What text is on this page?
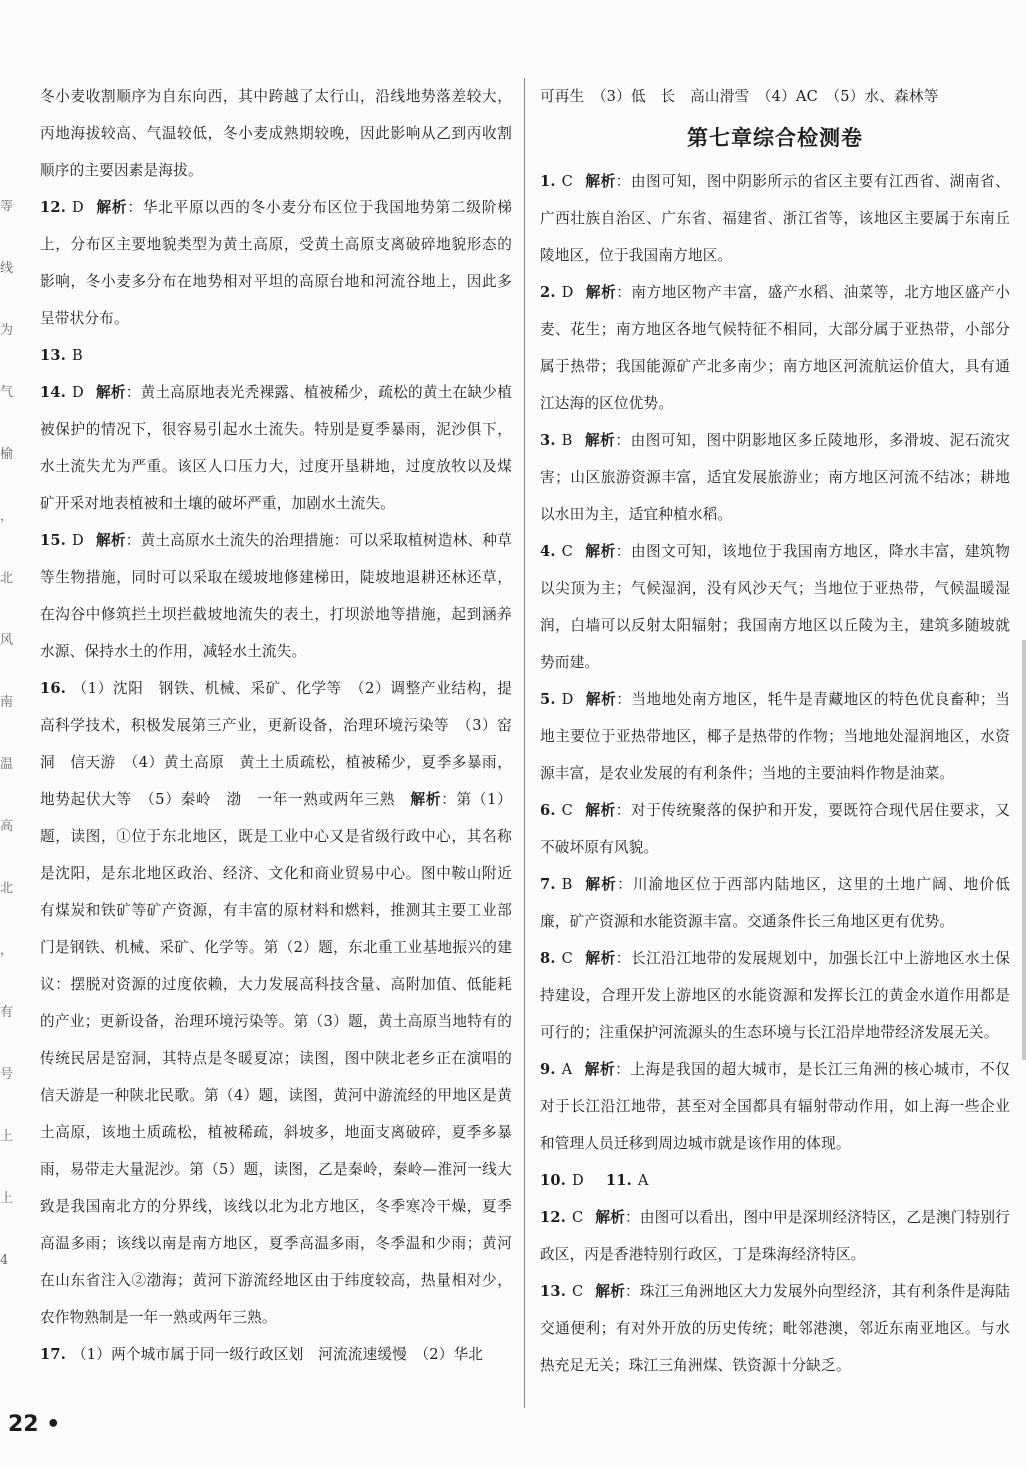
等
线
为
气
榆
，
北
风
南
温
高
北
，
有
号
上
上
4

冬小麦收割顺序为自东向西，其中跨越了太行山，沿线地势落差较大，丙地海拔较高、气温较低，冬小麦成熟期较晚，因此影响从乙到丙收割顺序的主要因素是海拔。

12. D 解析：华北平原以西的冬小麦分布区位于我国地势第二级阶梯上，分布区主要地貌类型为黄土高原，受黄土高原支离破碎地貌形态的影响，冬小麦多分布在地势相对平坦的高原台地和河流谷地上，因此多呈带状分布。

13. B

14. D 解析：黄土高原地表光秃裸露、植被稀少，疏松的黄土在缺少植被保护的情况下，很容易引起水土流失。特别是夏季暴雨，泥沙俱下，水土流失尤为严重。该区人口压力大，过度开垦耕地，过度放牧以及煤矿开采对地表植被和土壤的破坏严重，加剧水土流失。

15. D 解析：黄土高原水土流失的治理措施：可以采取植树造林、种草等生物措施，同时可以采取在缓坡地修建梯田，陡坡地退耕还林还草，在沟谷中修筑拦土坝拦截坡地流失的表土，打坝淤地等措施，起到涵养水源、保持水土的作用，减轻水土流失。

16. （1）沈阳　钢铁、机械、采矿、化学等　（2）调整产业结构，提高科学技术，积极发展第三产业，更新设备，治理环境污染等　（3）窑洞　信天游　（4）黄土高原　黄土土质疏松，植被稀少，夏季多暴雨，地势起伏大等　（5）秦岭　渤　一年一熟或两年三熟　解析：第（1）题，读图，①位于东北地区，既是工业中心又是省级行政中心，其名称是沈阳，是东北地区政治、经济、文化和商业贸易中心。图中鞍山附近有煤炭和铁矿等矿产资源，有丰富的原材料和燃料，推测其主要工业部门是钢铁、机械、采矿、化学等。第（2）题，东北重工业基地振兴的建议：摆脱对资源的过度依赖，大力发展高科技含量、高附加值、低能耗的产业；更新设备，治理环境污染等。第（3）题，黄土高原当地特有的传统民居是窑洞，其特点是冬暖夏凉；读图，图中陕北老乡正在演唱的信天游是一种陕北民歌。第（4）题，读图，黄河中游流经的甲地区是黄土高原，该地土质疏松，植被稀疏，斜坡多，地面支离破碎，夏季多暴雨，易带走大量泥沙。第（5）题，读图，乙是秦岭，秦岭—淮河一线大致是我国南北方的分界线，该线以北为北方地区，冬季寒冷干燥，夏季高温多雨；该线以南是南方地区，夏季高温多雨，冬季温和少雨；黄河在山东省注入②渤海；黄河下游流经地区由于纬度较高，热量相对少，农作物熟制是一年一熟或两年三熟。

17. （1）两个城市属于同一级行政区划　河流流速缓慢　（2）华北

可再生　（3）低　长　高山滑雪　（4）AC　（5）水、森林等

第七章综合检测卷

1. C 解析：由图可知，图中阴影所示的省区主要有江西省、湖南省、广西壮族自治区、广东省、福建省、浙江省等，该地区主要属于东南丘陵地区，位于我国南方地区。

2. D 解析：南方地区物产丰富，盛产水稻、油菜等，北方地区盛产小麦、花生；南方地区各地气候特征不相同，大部分属于亚热带，小部分属于热带；我国能源矿产北多南少；南方地区河流航运价值大，具有通江达海的区位优势。

3. B 解析：由图可知，图中阴影地区多丘陵地形，多滑坡、泥石流灾害；山区旅游资源丰富，适宜发展旅游业；南方地区河流不结冰；耕地以水田为主，适宜种植水稻。

4. C 解析：由图文可知，该地位于我国南方地区，降水丰富，建筑物以尖顶为主；气候湿润，没有风沙天气；当地位于亚热带，气候温暖湿润，白墙可以反射太阳辐射；我国南方地区以丘陵为主，建筑多随坡就势而建。

5. D 解析：当地地处南方地区，牦牛是青藏地区的特色优良畜种；当地主要位于亚热带地区，椰子是热带的作物；当地地处湿润地区，水资源丰富，是农业发展的有利条件；当地的主要油料作物是油菜。

6. C 解析：对于传统聚落的保护和开发，要既符合现代居住要求，又不破坏原有风貌。

7. B 解析：川渝地区位于西部内陆地区，这里的土地广阔、地价低廉，矿产资源和水能资源丰富。交通条件长三角地区更有优势。

8. C 解析：长江沿江地带的发展规划中，加强长江中上游地区水土保持建设，合理开发上游地区的水能资源和发挥长江的黄金水道作用都是可行的；注重保护河流源头的生态环境与长江沿岸地带经济发展无关。

9. A 解析：上海是我国的超大城市，是长江三角洲的核心城市，不仅对于长江沿江地带，甚至对全国都具有辐射带动作用，如上海一些企业和管理人员迁移到周边城市就是该作用的体现。

10. D 11. A

12. C 解析：由图可以看出，图中甲是深圳经济特区，乙是澳门特别行政区，丙是香港特别行政区，丁是珠海经济特区。

13. C 解析：珠江三角洲地区大力发展外向型经济，其有利条件是海陆交通便利；有对外开放的历史传统；毗邻港澳，邻近东南亚地区。与水热充足无关；珠江三角洲煤、铁资源十分缺乏。

22 •
